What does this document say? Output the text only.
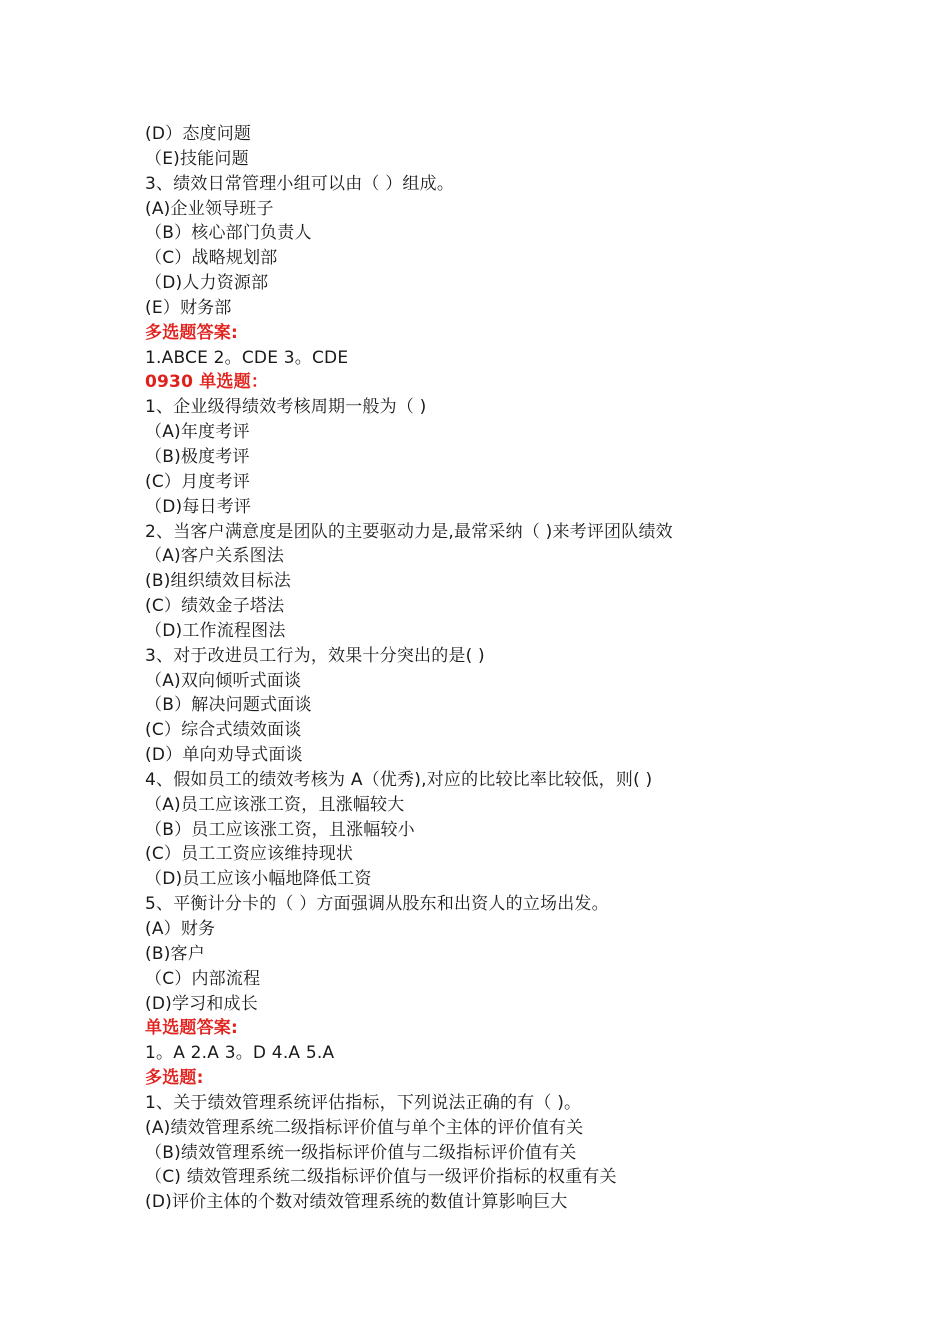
(D）态度问题
（E)技能问题
3、绩效日常管理小组可以由（ ）组成。
(A)企业领导班子
（B）核心部门负责人
（C）战略规划部
（D)人力资源部
(E）财务部
多选题答案:
1.ABCE 2。CDE 3。CDE
0930 单选题：
1、企业级得绩效考核周期一般为（ )
（A)年度考评
（B)极度考评
(C）月度考评
（D)每日考评
2、当客户满意度是团队的主要驱动力是,最常采纳（ )来考评团队绩效
（A)客户关系图法
(B)组织绩效目标法
(C）绩效金子塔法
（D)工作流程图法
3、对于改进员工行为，效果十分突出的是( )
（A)双向倾听式面谈
（B）解决问题式面谈
(C）综合式绩效面谈
(D）单向劝导式面谈
4、假如员工的绩效考核为 A（优秀),对应的比较比率比较低，则( )
（A)员工应该涨工资，且涨幅较大
（B）员工应该涨工资，且涨幅较小
(C）员工工资应该维持现状
（D)员工应该小幅地降低工资
5、平衡计分卡的（ ）方面强调从股东和出资人的立场出发。
(A）财务
(B)客户
（C）内部流程
(D)学习和成长
单选题答案:
1。A 2.A 3。D 4.A 5.A
多选题:
1、关于绩效管理系统评估指标，下列说法正确的有（ )。
(A)绩效管理系统二级指标评价值与单个主体的评价值有关
（B)绩效管理系统一级指标评价值与二级指标评价值有关
（C) 绩效管理系统二级指标评价值与一级评价指标的权重有关
(D)评价主体的个数对绩效管理系统的数值计算影响巨大
